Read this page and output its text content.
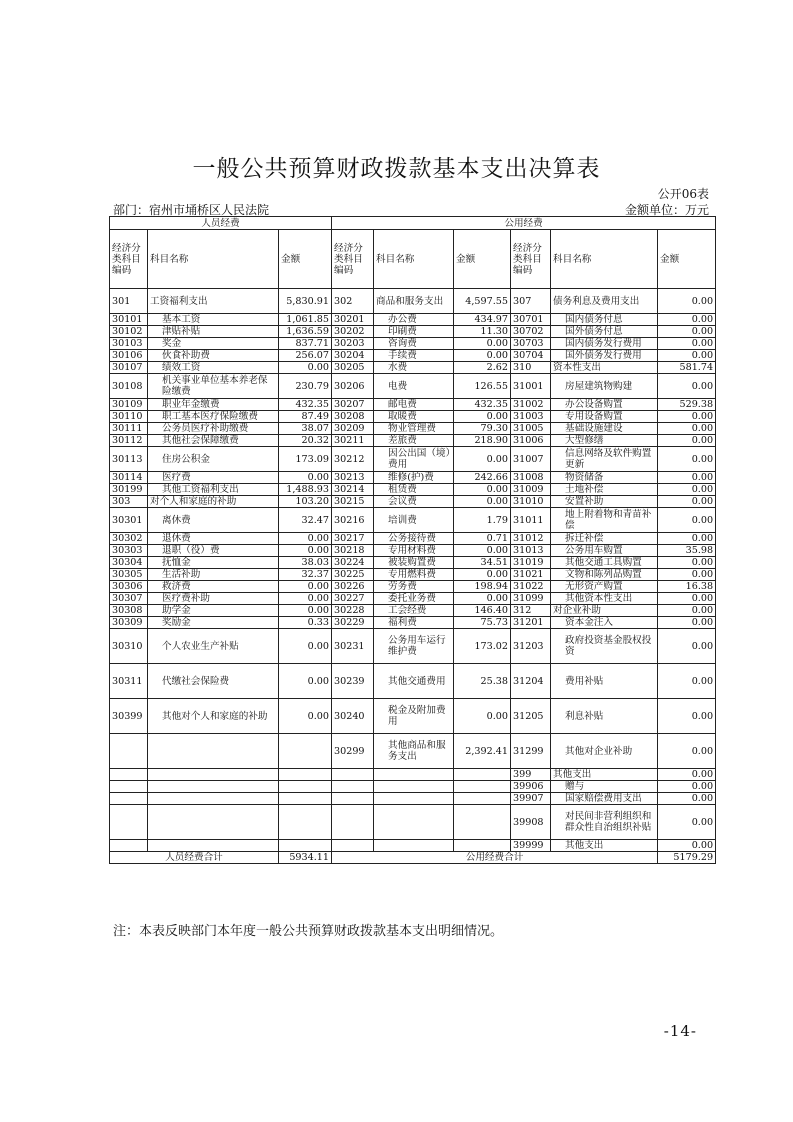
一般公共预算财政拨款基本支出决算表
公开06表
部门：宿州市埇桥区人民法院	金额单位：万元
人员经费			公用经费					
经济分类科目编码	科目名称	金额	经济分类科目编码	科目名称	金额	经济分类科目编码	科目名称	金额
301	工资福利支出	5,830.91	302	商品和服务支出	4,597.55	307	债务利息及费用支出	0.00
30101	基本工资	1,061.85	30201	办公费	434.97	30701	国内债务付息	0.00
30102	津贴补贴	1,636.59	30202	印刷费	11.30	30702	国外债务付息	0.00
30103	奖金	837.71	30203	咨询费	0.00	30703	国内债务发行费用	0.00
30106	伙食补助费	256.07	30204	手续费	0.00	30704	国外债务发行费用	0.00
30107	绩效工资	0.00	30205	水费	2.62	310	资本性支出	581.74
30108	机关事业单位基本养老保险缴费	230.79	30206	电费	126.55	31001	房屋建筑物购建	0.00
30109	职业年金缴费	432.35	30207	邮电费	432.35	31002	办公设备购置	529.38
30110	职工基本医疗保险缴费	87.49	30208	取暖费	0.00	31003	专用设备购置	0.00
30111	公务员医疗补助缴费	38.07	30209	物业管理费	79.30	31005	基础设施建设	0.00
30112	其他社会保障缴费	20.32	30211	差旅费	218.90	31006	大型修缮	0.00
30113	住房公积金	173.09	30212	因公出国（境）费用	0.00	31007	信息网络及软件购置更新	0.00
30114	医疗费	0.00	30213	维修(护)费	242.66	31008	物资储备	0.00
30199	其他工资福利支出	1,488.93	30214	租赁费	0.00	31009	土地补偿	0.00
303	对个人和家庭的补助	103.20	30215	会议费	0.00	31010	安置补助	0.00
30301	离休费	32.47	30216	培训费	1.79	31011	地上附着物和青苗补偿	0.00
30302	退休费	0.00	30217	公务接待费	0.71	31012	拆迁补偿	0.00
30303	退职（役）费	0.00	30218	专用材料费	0.00	31013	公务用车购置	35.98
30304	抚恤金	38.03	30224	被装购置费	34.51	31019	其他交通工具购置	0.00
30305	生活补助	32.37	30225	专用燃料费	0.00	31021	文物和陈列品购置	0.00
30306	救济费	0.00	30226	劳务费	198.94	31022	无形资产购置	16.38
30307	医疗费补助	0.00	30227	委托业务费	0.00	31099	其他资本性支出	0.00
30308	助学金	0.00	30228	工会经费	146.40	312	对企业补助	0.00
30309	奖励金	0.33	30229	福利费	75.73	31201	资本金注入	0.00
30310	个人农业生产补贴	0.00	30231	公务用车运行维护费	173.02	31203	政府投资基金股权投资	0.00
30311	代缴社会保险费	0.00	30239	其他交通费用	25.38	31204	费用补贴	0.00
30399	其他对个人和家庭的补助	0.00	30240	税金及附加费用	0.00	31205	利息补贴	0.00
			30299	其他商品和服务支出	2,392.41	31299	其他对企业补助	0.00
						399	其他支出	0.00
						39906	赠与	0.00
						39907	国家赔偿费用支出	0.00
						39908	对民间非营利组织和群众性自治组织补贴	0.00
						39999	其他支出	0.00
人员经费合计		5934.11	公用经费合计					5179.29
注：本表反映部门本年度一般公共预算财政拨款基本支出明细情况。
-14-
